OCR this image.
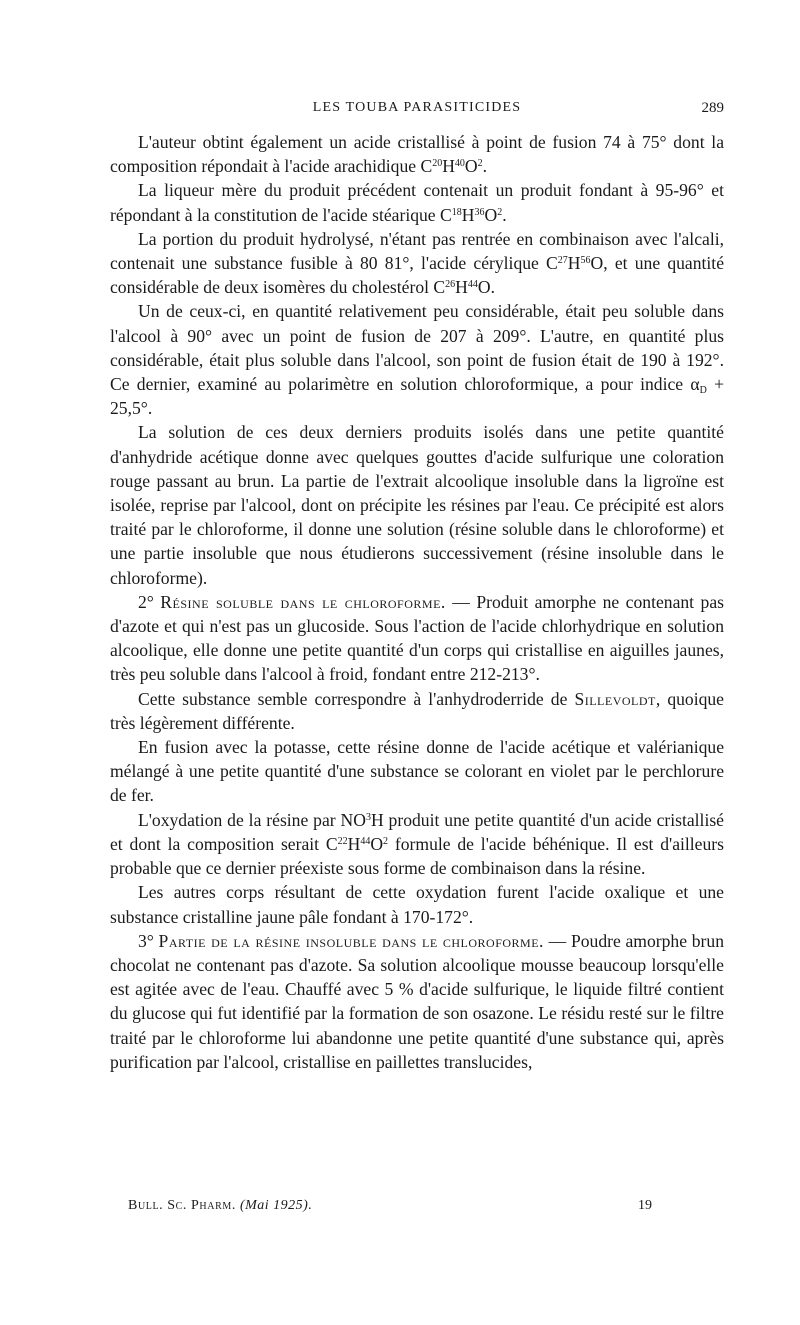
LES TOUBA PARASITICIDES	289

L'auteur obtint également un acide cristallisé à point de fusion 74 à 75° dont la composition répondait à l'acide arachidique $C^{20}H^{40}O^2$.

La liqueur mère du produit précédent contenait un produit fondant à 95-96° et répondant à la constitution de l'acide stéarique $C^{18}H^{36}O^2$.

La portion du produit hydrolysé, n'étant pas rentrée en combinaison avec l'alcali, contenait une substance fusible à 80 81°, l'acide cérylique $C^{27}H^{56}O$, et une quantité considérable de deux isomères du cholestérol $C^{26}H^{44}O$.

Un de ceux-ci, en quantité relativement peu considérable, était peu soluble dans l'alcool à 90° avec un point de fusion de 207 à 209°. L'autre, en quantité plus considérable, était plus soluble dans l'alcool, son point de fusion était de 190 à 192°. Ce dernier, examiné au polarimètre en solution chloroformique, a pour indice $\alpha_D + 25,5^\circ$.

La solution de ces deux derniers produits isolés dans une petite quantité d'anhydride acétique donne avec quelques gouttes d'acide sulfurique une coloration rouge passant au brun. La partie de l'extrait alcoolique insoluble dans la ligroïne est isolée, reprise par l'alcool, dont on précipite les résines par l'eau. Ce précipité est alors traité par le chloroforme, il donne une solution (résine soluble dans le chloroforme) et une partie insoluble que nous étudierons successivement (résine insoluble dans le chloroforme).

2° Résine soluble dans le chloroforme. — Produit amorphe ne contenant pas d'azote et qui n'est pas un glucoside. Sous l'action de l'acide chlorhydrique en solution alcoolique, elle donne une petite quantité d'un corps qui cristallise en aiguilles jaunes, très peu soluble dans l'alcool à froid, fondant entre 212-213°.

Cette substance semble correspondre à l'anhydroderride de Sillevoldt, quoique très légèrement différente.

En fusion avec la potasse, cette résine donne de l'acide acétique et valérianique mélangé à une petite quantité d'une substance se colorant en violet par le perchlorure de fer.

L'oxydation de la résine par $NO^3H$ produit une petite quantité d'un acide cristallisé et dont la composition serait $C^{22}H^{44}O^2$ formule de l'acide béhénique. Il est d'ailleurs probable que ce dernier préexiste sous forme de combinaison dans la résine.

Les autres corps résultant de cette oxydation furent l'acide oxalique et une substance cristalline jaune pâle fondant à 170-172°.

3° Partie de la résine insoluble dans le chloroforme. — Poudre amorphe brun chocolat ne contenant pas d'azote. Sa solution alcoolique mousse beaucoup lorsqu'elle est agitée avec de l'eau. Chauffé avec 5 % d'acide sulfurique, le liquide filtré contient du glucose qui fut identifié par la formation de son osazone. Le résidu resté sur le filtre traité par le chloroforme lui abandonne une petite quantité d'une substance qui, après purification par l'alcool, cristallise en paillettes translucides,

Bull. Sc. Pharm. (Mai 1925).	19
